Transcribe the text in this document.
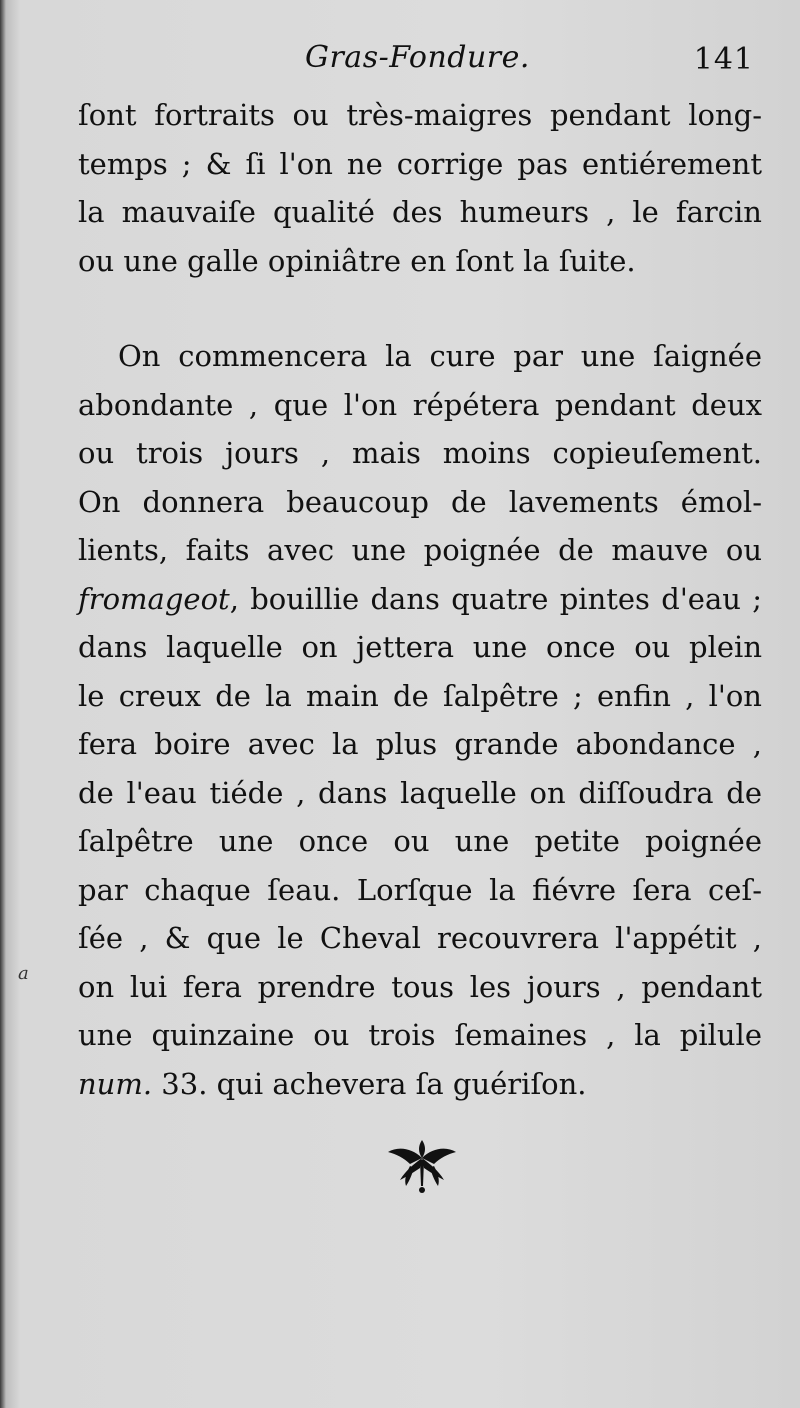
Gras-Fondure.	141
ſont fortraits ou très-maigres pendant long-
temps ; & ſi l'on ne corrige pas entiérement
la mauvaiſe qualité des humeurs , le farcin
ou une galle opiniâtre en ſont la ſuite.
On commencera la cure par une ſaignée
abondante , que l'on répétera pendant deux
ou trois jours , mais moins copieuſement.
On donnera beaucoup de lavements émol-
lients, faits avec une poignée de mauve ou
fromageot, bouillie dans quatre pintes d'eau ;
dans laquelle on jettera une once ou plein
le creux de la main de ſalpêtre ; enfin , l'on
fera boire avec la plus grande abondance ,
de l'eau tiéde , dans laquelle on diſſoudra de
ſalpêtre une once ou une petite poignée
par chaque ſeau. Lorſque la fiévre ſera ceſ-
ſée , & que le Cheval recouvrera l'appétit ,
on lui fera prendre tous les jours , pendant
une quinzaine ou trois ſemaines , la pilule
num. 33. qui achevera ſa guériſon.
a
